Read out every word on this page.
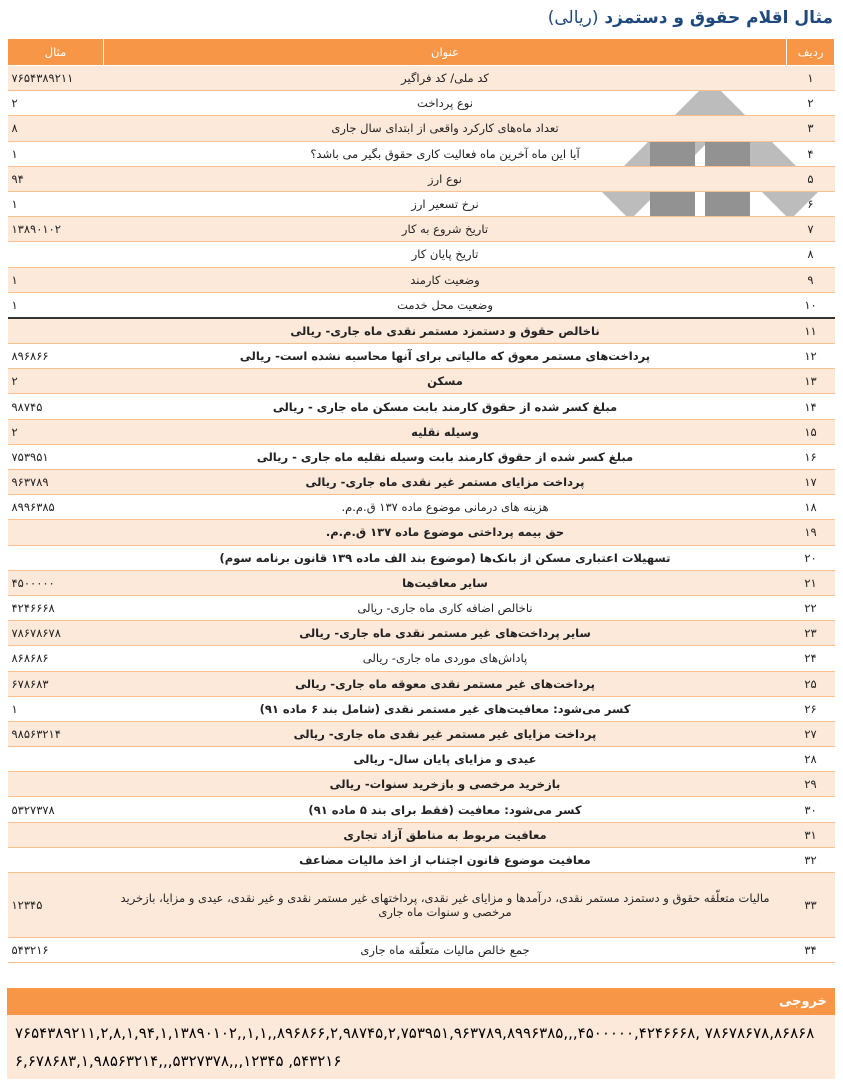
مثال اقلام حقوق و دستمزد (ریالی)
ردیف	عنوان	مثال
۱	کد ملی/ کد فراگیر	۷۶۵۴۳۸۹۲۱۱
۲	نوع پرداخت	۲
۳	تعداد ماه‌های کارکرد واقعی از ابتدای سال جاری	۸
۴	آیا این ماه آخرین ماه فعالیت کاری حقوق بگیر می باشد؟	۱
۵	نوع ارز	۹۴
۶	نرخ تسعیر ارز	۱
۷	تاریخ شروع به کار	۱۳۸۹۰۱۰۲
۸	تاریخ پایان کار	
۹	وضعیت کارمند	۱
۱۰	وضعیت محل خدمت	۱
۱۱	ناخالص حقوق و دستمزد مستمر نقدی ماه جاری- ریالی	
۱۲	پرداخت‌های مستمر معوق که مالیاتی برای آنها محاسبه نشده است- ریالی	۸۹۶۸۶۶
۱۳	مسکن	۲
۱۴	مبلغ کسر شده از حقوق کارمند بابت مسکن ماه جاری - ریالی	۹۸۷۴۵
۱۵	وسیله نقلیه	۲
۱۶	مبلغ کسر شده از حقوق کارمند بابت وسیله نقلیه ماه جاری - ریالی	۷۵۳۹۵۱
۱۷	پرداخت مزایای مستمر غیر نقدی ماه جاری- ریالی	۹۶۳۷۸۹
۱۸	هزینه های درمانی موضوع ماده ۱۳۷ ق.م.م.	۸۹۹۶۳۸۵
۱۹	حق بیمه پرداختی موضوع ماده ۱۳۷ ق.م.م.	
۲۰	تسهیلات اعتباری مسکن از بانک‌ها (موضوع بند الف ماده ۱۳۹ قانون برنامه سوم)	
۲۱	سایر معافیت‌ها	۴۵۰۰۰۰۰
۲۲	ناخالص اضافه کاری ماه جاری- ریالی	۴۲۴۶۶۶۸
۲۳	سایر پرداخت‌های غیر مستمر نقدی ماه جاری- ریالی	۷۸۶۷۸۶۷۸
۲۴	پاداش‌های موردی ماه جاری- ریالی	۸۶۸۶۸۶
۲۵	پرداخت‌های غیر مستمر نقدی معوقه ماه جاری- ریالی	۶۷۸۶۸۳
۲۶	کسر می‌شود: معافیت‌های غیر مستمر نقدی (شامل بند ۶ ماده ۹۱)	۱
۲۷	پرداخت مزایای غیر مستمر غیر نقدی ماه جاری- ریالی	۹۸۵۶۳۲۱۴
۲۸	عیدی و مزایای پایان سال- ریالی	
۲۹	بازخرید مرخصی و بازخرید سنوات- ریالی	
۳۰	کسر می‌شود: معافیت (فقط برای بند ۵ ماده ۹۱)	۵۳۲۷۳۷۸
۳۱	معافیت مربوط به مناطق آزاد تجاری	
۳۲	معافیت موضوع قانون اجتناب از اخذ مالیات مضاعف	
۳۳	مالیات متعلّقه حقوق و دستمزد مستمر نقدی، درآمدها و مزایای غیر نقدی، پرداختهای غیر مستمر نقدی و غیر نقدی، عیدی و مزایا، بازخرید مرخصی و سنوات ماه جاری	۱۲۳۴۵
۳۴	جمع خالص مالیات متعلّقه ماه جاری	۵۴۳۲۱۶
خروجی
۷۶۵۴۳۸۹۲۱۱,۲,۸,۱,۹۴,۱,۱۳۸۹۰۱۰۲,,۱,۱,,۸۹۶۸۶۶,۲,۹۸۷۴۵,۲,۷۵۳۹۵۱,۹۶۳۷۸۹,۸۹۹۶۳۸۵,,,۴۵۰۰۰۰۰,۴۲۴۶۶۶۸, ۷۸۶۷۸۶۷۸,۸۶۸۶۸۶,۶۷۸۶۸۳,۱,۹۸۵۶۳۲۱۴,,,۵۳۲۷۳۷۸,,,۱۲۳۴۵ ,۵۴۳۲۱۶
